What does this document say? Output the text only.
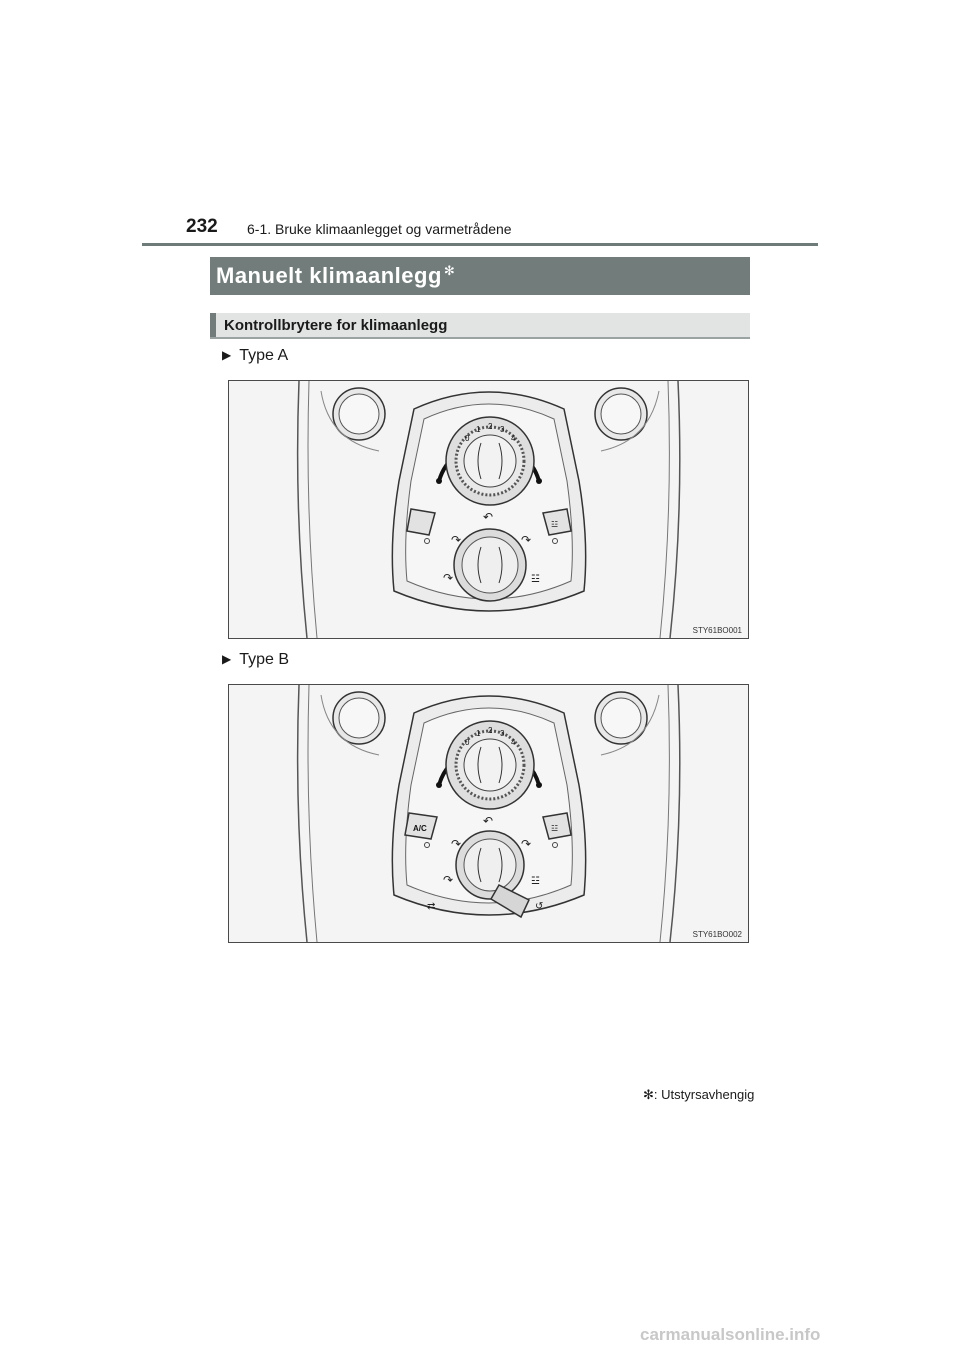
232 6-1. Bruke klimaanlegget og varmetrådene
Manuelt klimaanlegg ✻
Kontrollbrytere for klimaanlegg
▶ Type A
0
1 2 3
4
☳
↶
↷	↷
↷	☳
STY61BO001
▶ Type B
0
1 2 3
4
A/C	☳
↶
↷	↷
↷	☳
⇄	↺
STY61BO002
✻: Utstyrsavhengig
carmanualsonline.info
